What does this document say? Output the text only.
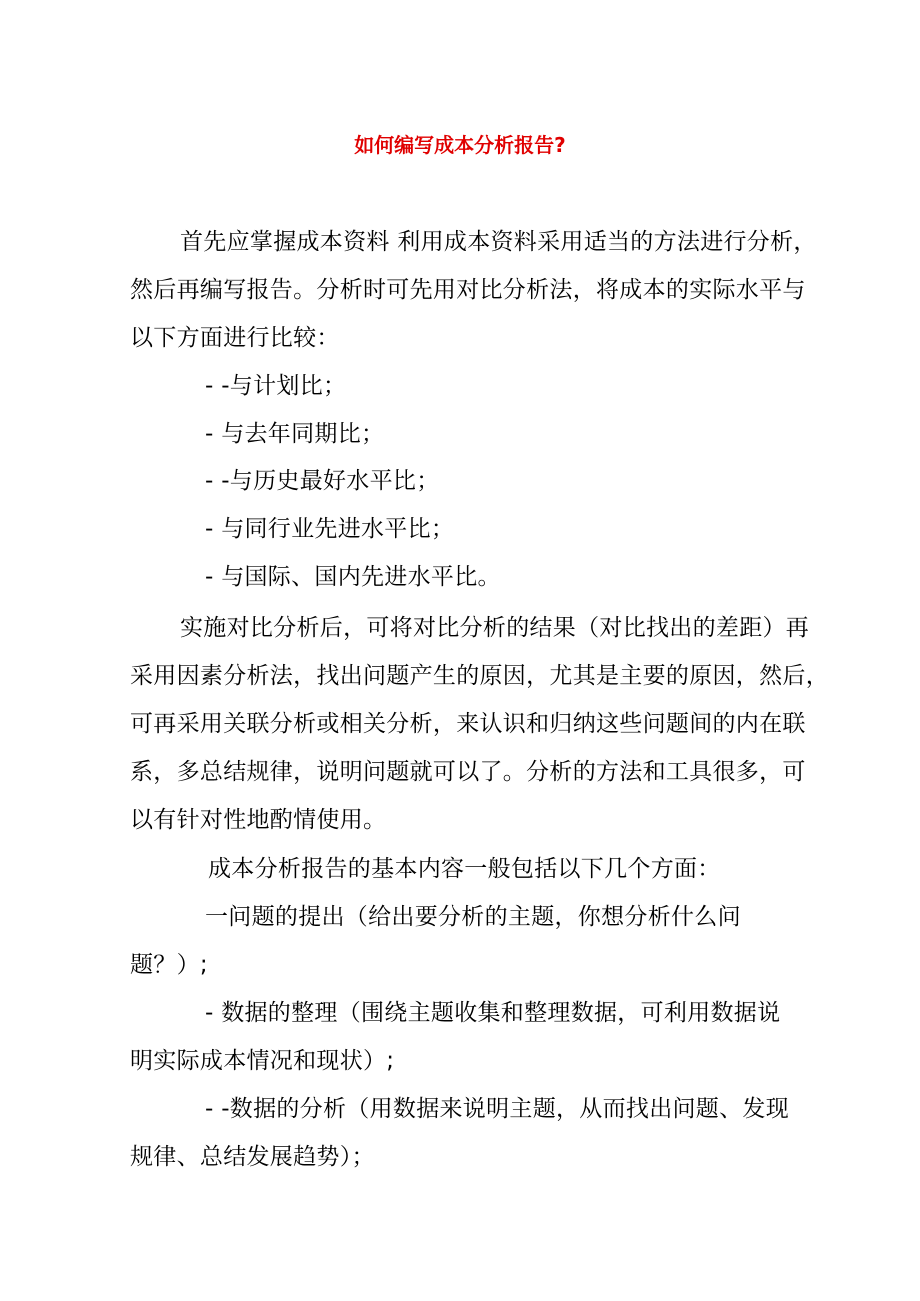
如何编写成本分析报告?
首先应掌握成本资料 利用成本资料采用适当的方法进行分析，
然后再编写报告。分析时可先用对比分析法，将成本的实际水平与
以下方面进行比较：
- -与计划比；
- 与去年同期比；
- -与历史最好水平比；
- 与同行业先进水平比；
- 与国际、国内先进水平比。
实施对比分析后，可将对比分析的结果（对比找出的差距）再
采用因素分析法，找出问题产生的原因，尤其是主要的原因，然后，
可再采用关联分析或相关分析，来认识和归纳这些问题间的内在联
系，多总结规律，说明问题就可以了。分析的方法和工具很多，可
以有针对性地酌情使用。
成本分析报告的基本内容一般包括以下几个方面：
一问题的提出（给出要分析的主题，你想分析什么问
题？）;
- 数据的整理（围绕主题收集和整理数据，可利用数据说
明实际成本情况和现状）;
- -数据的分析（用数据来说明主题，从而找出问题、发现
规律、总结发展趋势）；
